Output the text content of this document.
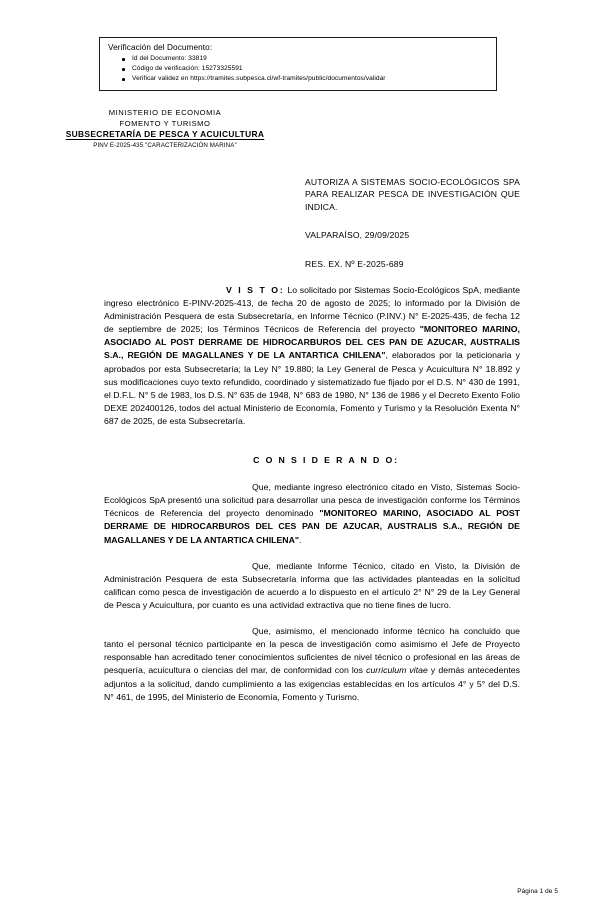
Verificación del Documento:
Id del Documento: 33819
Código de verificación: 15273325591
Verificar validez en https://tramites.subpesca.cl/wf-tramites/public/documentos/validar
MINISTERIO DE ECONOMIA
FOMENTO Y TURISMO
SUBSECRETARÍA DE PESCA Y ACUICULTURA
PINV E-2025-435 "CARACTERIZACIÓN MARINA"
AUTORIZA A SISTEMAS SOCIO-ECOLÓGICOS SPA PARA REALIZAR PESCA DE INVESTIGACIÓN QUE INDICA.
VALPARAÍSO, 29/09/2025
RES. EX. Nº E-2025-689

V I S T O: Lo solicitado por Sistemas Socio-Ecológicos SpA, mediante ingreso electrónico E-PINV-2025-413, de fecha 20 de agosto de 2025; lo informado por la División de Administración Pesquera de esta Subsecretaría, en Informe Técnico (P.INV.) N° E-2025-435, de fecha 12 de septiembre de 2025; los Términos Técnicos de Referencia del proyecto "MONITOREO MARINO, ASOCIADO AL POST DERRAME DE HIDROCARBUROS DEL CES PAN DE AZUCAR, AUSTRALIS S.A., REGIÓN DE MAGALLANES Y DE LA ANTARTICA CHILENA", elaborados por la peticionaria y aprobados por esta Subsecretaría; la Ley N° 19.880; la Ley General de Pesca y Acuicultura N° 18.892 y sus modificaciones cuyo texto refundido, coordinado y sistematizado fue fijado por el D.S. N° 430 de 1991, el D.F.L. N° 5 de 1983, los D.S. N° 635 de 1948, N° 683 de 1980, N° 136 de 1986 y el Decreto Exento Folio DEXE 202400126, todos del actual Ministerio de Economía, Fomento y Turismo y la Resolución Exenta N° 687 de 2025, de esta Subsecretaría.

C O N S I D E R A N D O:

Que, mediante ingreso electrónico citado en Visto, Sistemas Socio-Ecológicos SpA presentó una solicitud para desarrollar una pesca de investigación conforme los Términos Técnicos de Referencia del proyecto denominado "MONITOREO MARINO, ASOCIADO AL POST DERRAME DE HIDROCARBUROS DEL CES PAN DE AZUCAR, AUSTRALIS S.A., REGIÓN DE MAGALLANES Y DE LA ANTARTICA CHILENA".

Que, mediante Informe Técnico, citado en Visto, la División de Administración Pesquera de esta Subsecretaría informa que las actividades planteadas en la solicitud califican como pesca de investigación de acuerdo a lo dispuesto en el artículo 2° N° 29 de la Ley General de Pesca y Acuicultura, por cuanto es una actividad extractiva que no tiene fines de lucro.

Que, asimismo, el mencionado informe técnico ha concluido que tanto el personal técnico participante en la pesca de investigación como asimismo el Jefe de Proyecto responsable han acreditado tener conocimientos suficientes de nivel técnico o profesional en las áreas de pesquería, acuicultura o ciencias del mar, de conformidad con los curriculum vitae y demás antecedentes adjuntos a la solicitud, dando cumplimiento a las exigencias establecidas en los artículos 4° y 5° del D.S. N° 461, de 1995, del Ministerio de Economía, Fomento y Turismo.

Página 1 de 5
